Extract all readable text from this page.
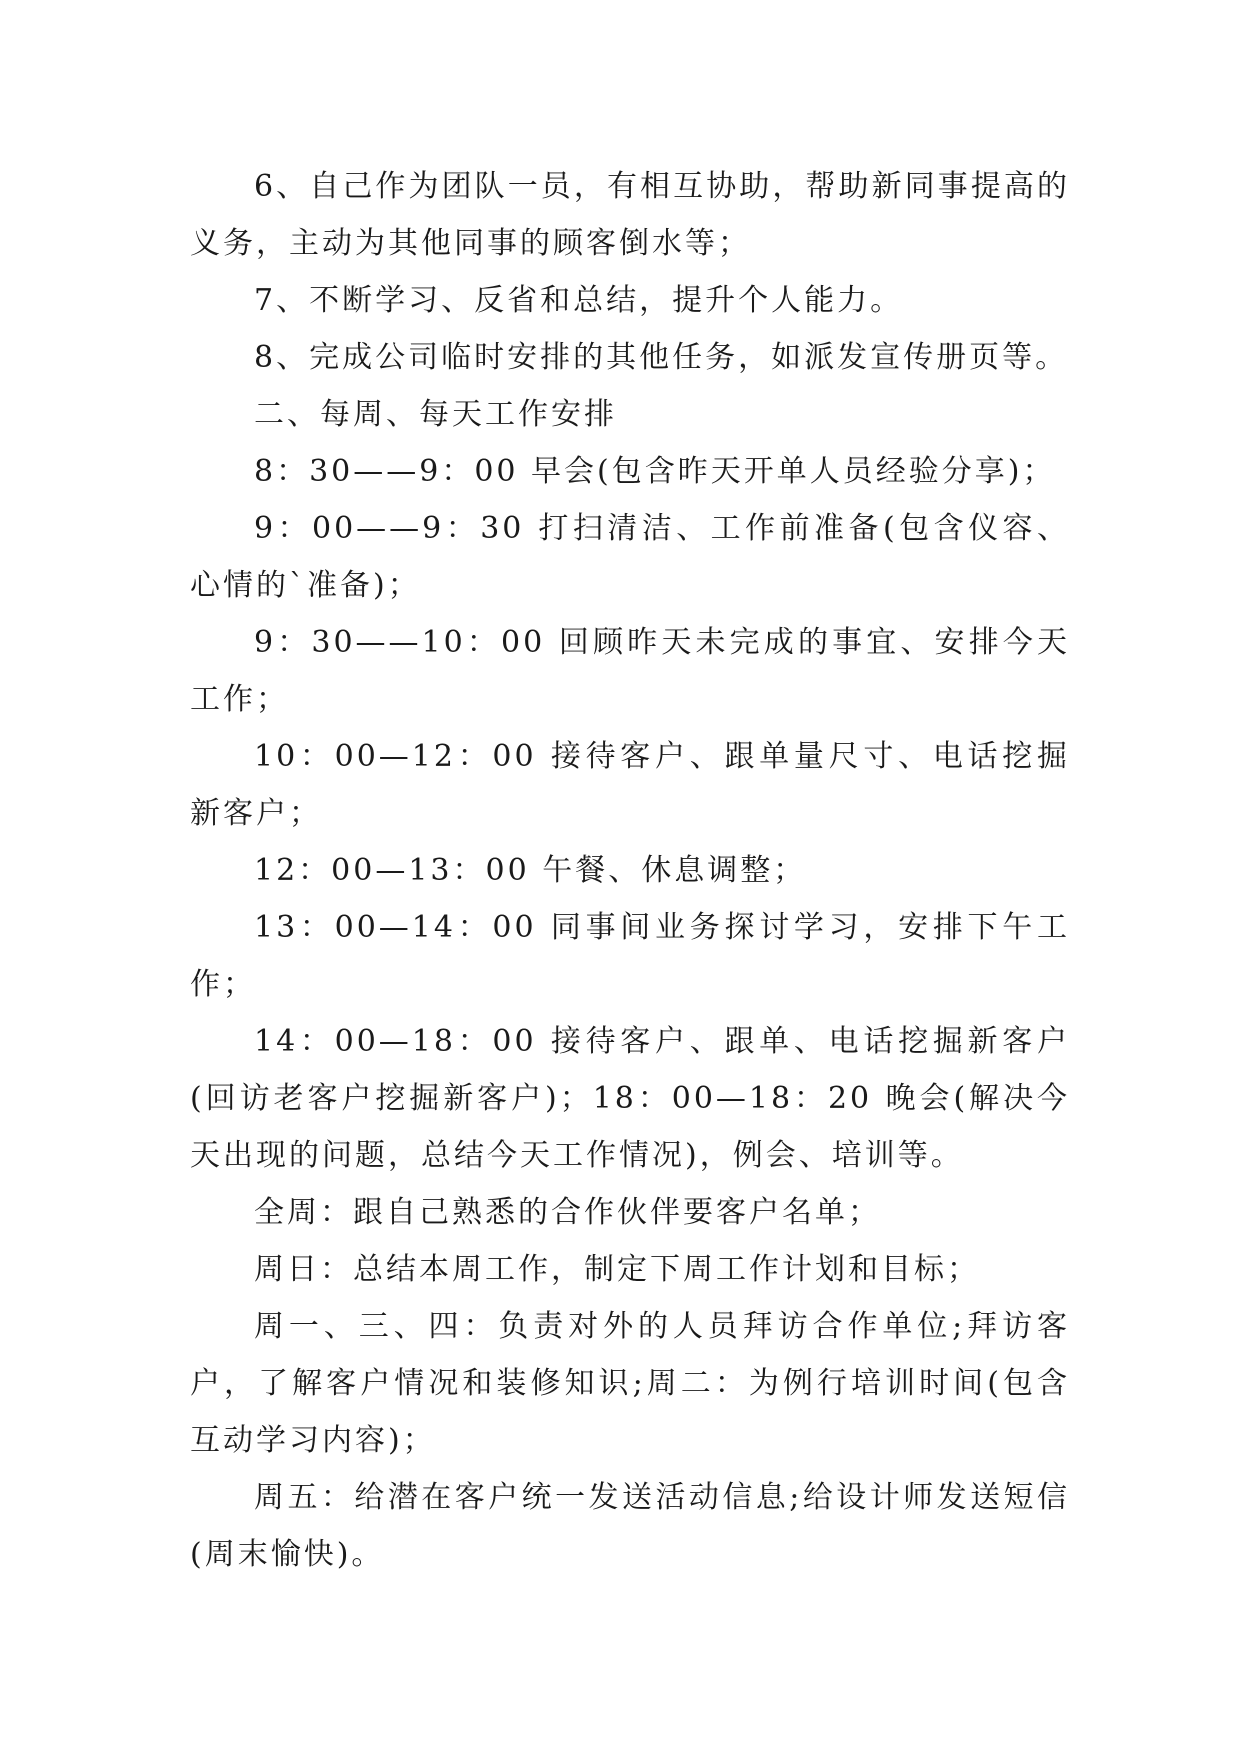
6、自己作为团队一员，有相互协助，帮助新同事提高的义务，主动为其他同事的顾客倒水等；

7、不断学习、反省和总结，提升个人能力。

8、完成公司临时安排的其他任务，如派发宣传册页等。

二、每周、每天工作安排

8：30——9：00 早会(包含昨天开单人员经验分享)；

9：00——9：30 打扫清洁、工作前准备(包含仪容、心情的`准备)；

9：30——10：00 回顾昨天未完成的事宜、安排今天工作；

10：00—12：00 接待客户、跟单量尺寸、电话挖掘新客户；

12：00—13：00 午餐、休息调整；

13：00—14：00 同事间业务探讨学习，安排下午工作；

14：00—18：00 接待客户、跟单、电话挖掘新客户(回访老客户挖掘新客户)；18：00—18：20 晚会(解决今天出现的问题，总结今天工作情况)，例会、培训等。

全周：跟自己熟悉的合作伙伴要客户名单；

周日：总结本周工作，制定下周工作计划和目标；

周一、三、四：负责对外的人员拜访合作单位;拜访客户，了解客户情况和装修知识;周二：为例行培训时间(包含互动学习内容)；

周五：给潜在客户统一发送活动信息;给设计师发送短信(周末愉快)。
